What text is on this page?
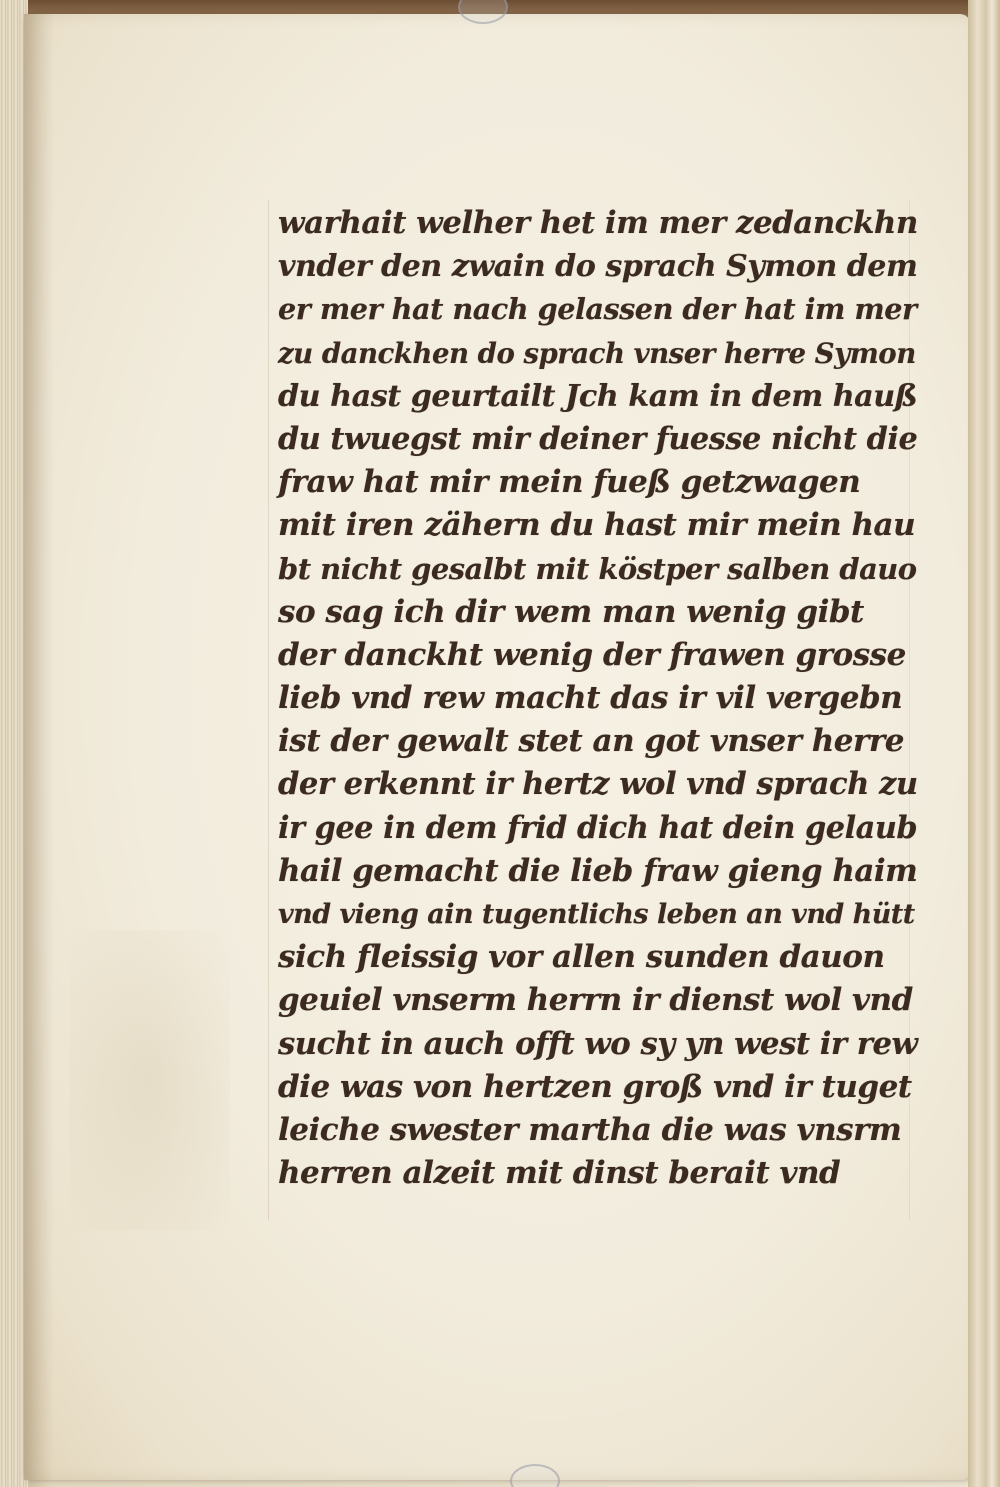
warhait welher het im mer zedanckhn
vnder den zwain do sprach Symon dem
er mer hat nach gelassen der hat im mer
zu danckhen do sprach vnser herre Symon
du hast geurtailt Jch kam in dem hauß
du twuegst mir deiner fuesse nicht die
fraw hat mir mein fueß getzwagen
mit iren zähern du hast mir mein hau
bt nicht gesalbt mit köstper salben dauo
so sag ich dir wem man wenig gibt
der danckht wenig der frawen grosse
lieb vnd rew macht das ir vil vergebn
ist der gewalt stet an got vnser herre
der erkennt ir hertz wol vnd sprach zu
ir gee in dem frid dich hat dein gelaub
hail gemacht die lieb fraw gieng haim
vnd vieng ain tugentlichs leben an vnd hütt
sich fleissig vor allen sunden dauon
geuiel vnserm herrn ir dienst wol vnd
sucht in auch offt wo sy yn west ir rew
die was von hertzen groß vnd ir tuget
leiche swester martha die was vnsrm
herren alzeit mit dinst berait vnd
